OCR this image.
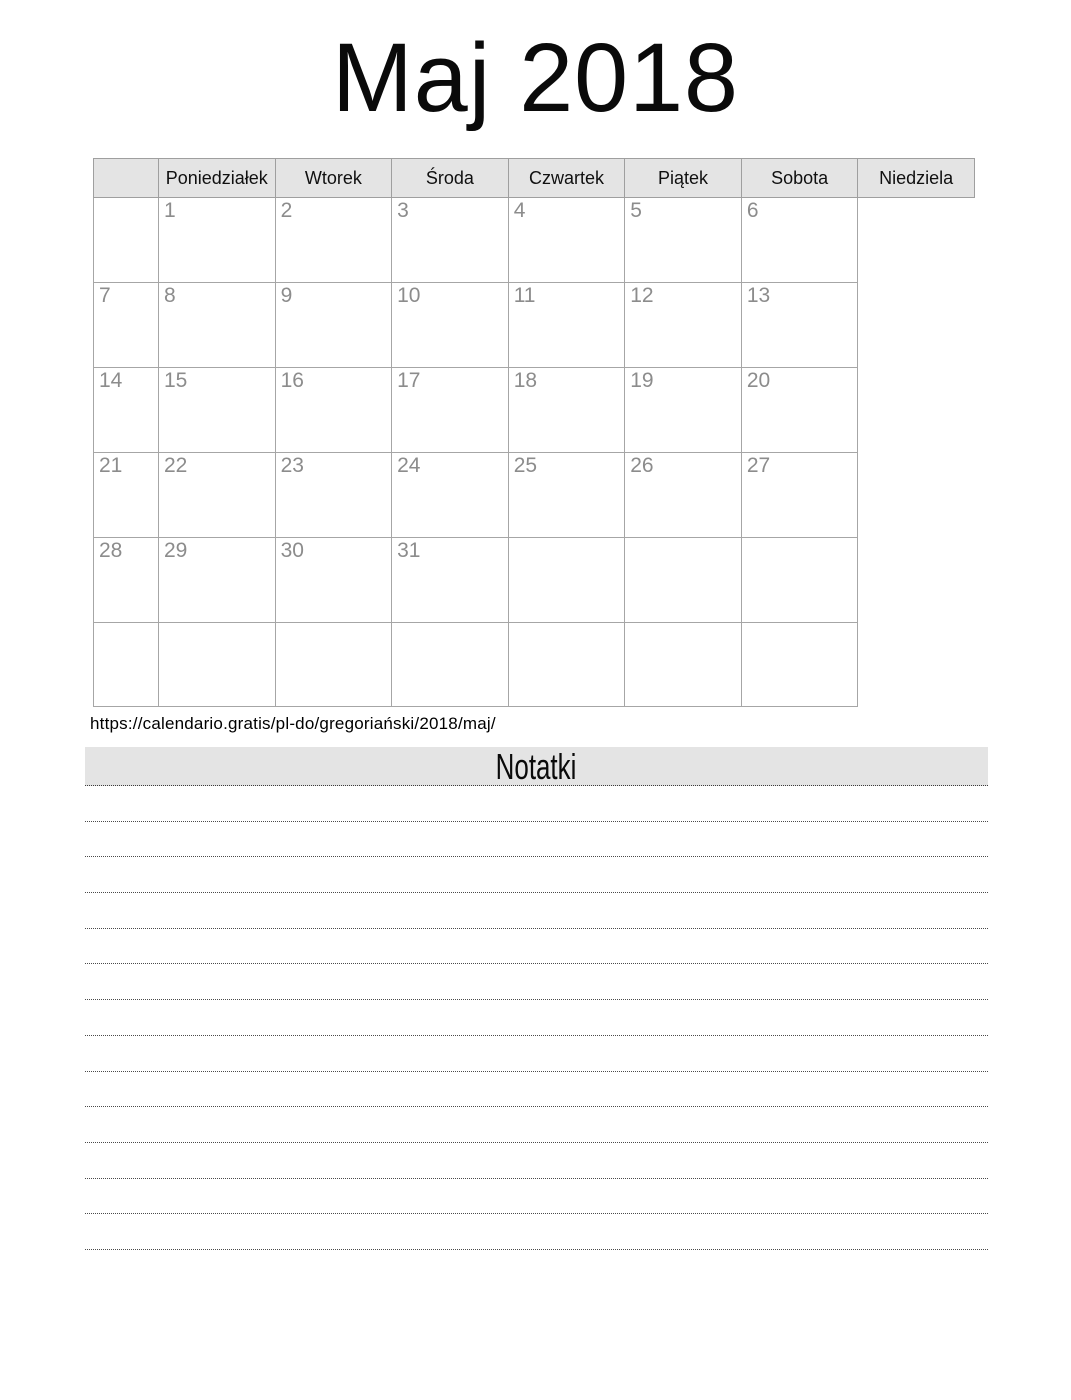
Maj 2018
	Poniedziałek	Wtorek	Środa	Czwartek	Piątek	Sobota	Niedziela
	1	2	3	4	5	6	
7	8	9	10	11	12	13	
14	15	16	17	18	19	20	
21	22	23	24	25	26	27	
28	29	30	31				

https://calendario.gratis/pl-do/gregoriański/2018/maj/
Notatki
